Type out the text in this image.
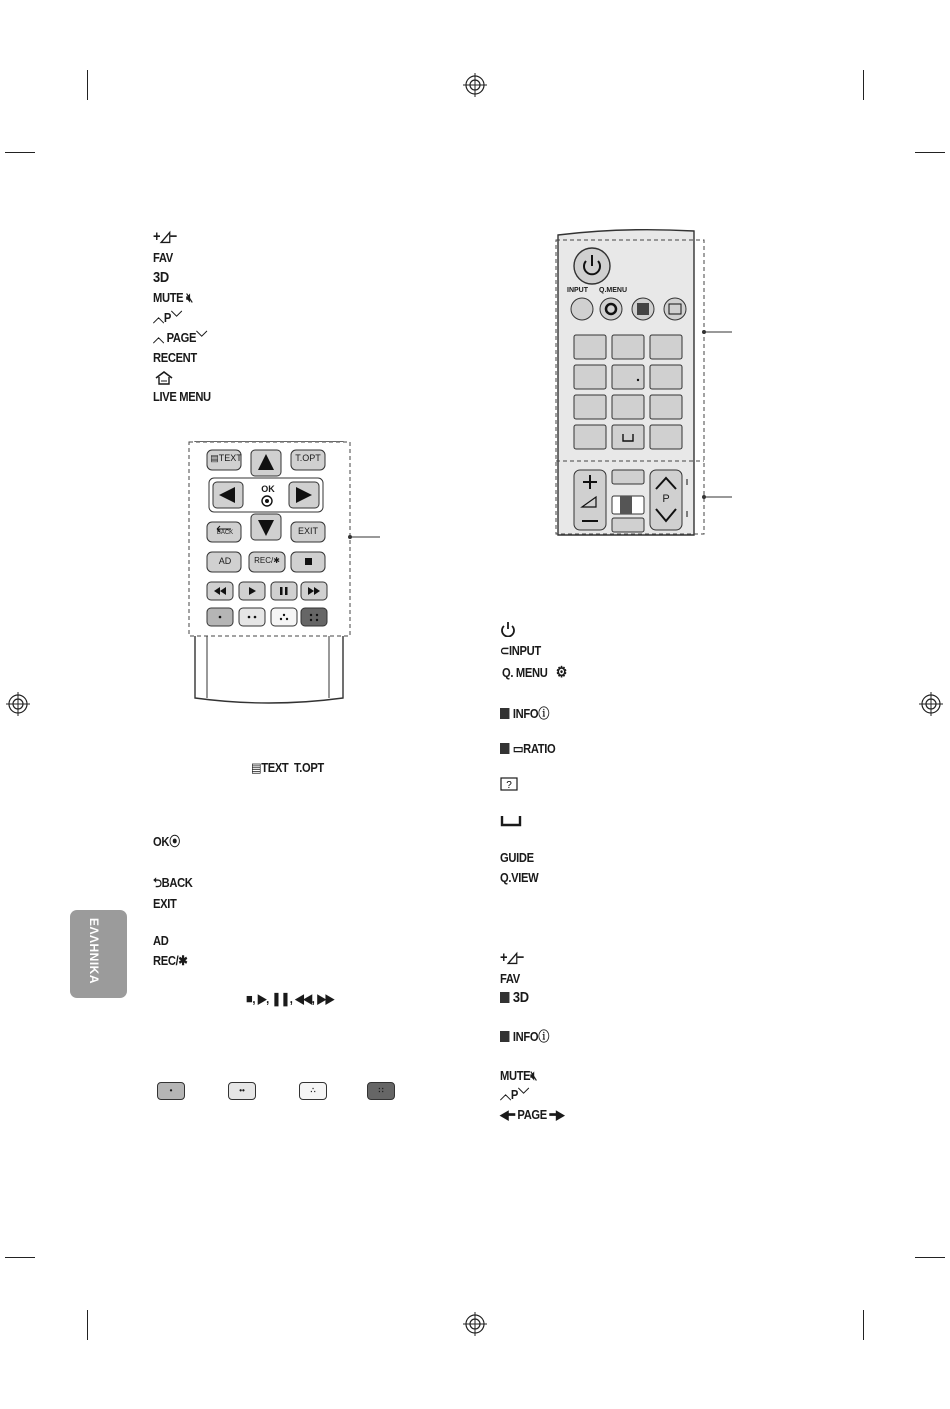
ΕΛΛΗΝΙΚΑ
+◿−
FAV
3D
MUTE 🔇︎
︿P﹀
︿ PAGE﹀
RECENT
LIVE MENU
▤TEXT	T.OPT
OK
BACK	EXIT
AD	REC/✱
▤TEXT T.OPT
OK⦿
⮌BACK
EXIT
AD
REC/✱
■, ▶, ❚❚, ◀◀, ▶▶
•	••	∴	∷
INPUT Q.MENU
P
⊂INPUT
Q. MENU ⚙
INFOⓘ
▭RATIO
?
GUIDE
Q.VIEW
+◿−
FAV
3D
INFOⓘ
MUTE🔇︎
︿P﹀
◀━ PAGE ━▶
